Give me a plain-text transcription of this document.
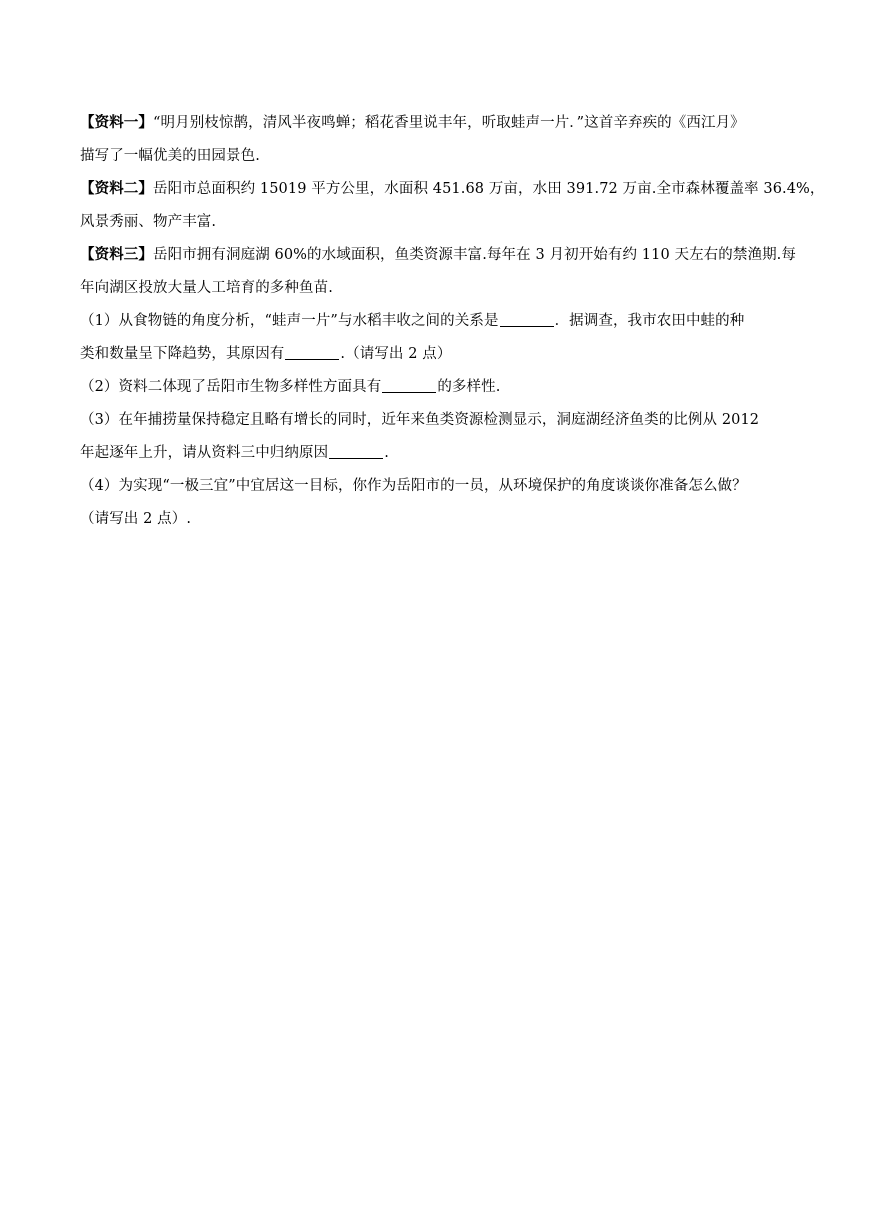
【资料一】“明月别枝惊鹊，清风半夜鸣蝉；稻花香里说丰年，听取蛙声一片．”这首辛弃疾的《西江月》
描写了一幅优美的田园景色.
【资料二】岳阳市总面积约 15019 平方公里，水面积 451.68 万亩，水田 391.72 万亩.全市森林覆盖率 36.4%，
风景秀丽、物产丰富.
【资料三】岳阳市拥有洞庭湖 60%的水域面积，鱼类资源丰富.每年在 3 月初开始有约 110 天左右的禁渔期.每
年向湖区投放大量人工培育的多种鱼苗.
（1）从食物链的角度分析，“蛙声一片”与水稻丰收之间的关系是	．据调查，我市农田中蛙的种
类和数量呈下降趋势，其原因有	.（请写出 2 点）
（2）资料二体现了岳阳市生物多样性方面具有	的多样性.
（3）在年捕捞量保持稳定且略有增长的同时，近年来鱼类资源检测显示，洞庭湖经济鱼类的比例从 2012
年起逐年上升，请从资料三中归纳原因	.
（4）为实现“一极三宜”中宜居这一目标，你作为岳阳市的一员，从环境保护的角度谈谈你准备怎么做？
（请写出 2 点）.
